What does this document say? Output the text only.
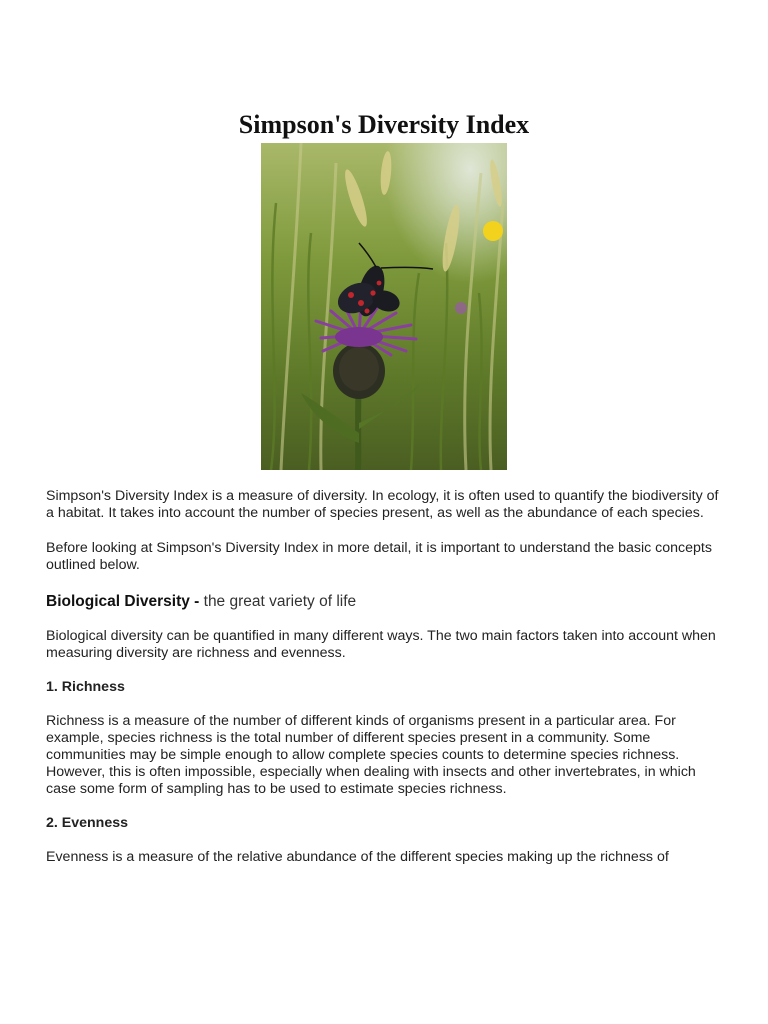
Simpson's Diversity Index

Simpson's Diversity Index is a measure of diversity. In ecology, it is often used to quantify the biodiversity of a habitat. It takes into account the number of species present, as well as the abundance of each species.

Before looking at Simpson's Diversity Index in more detail, it is important to understand the basic concepts outlined below.

Biological Diversity - the great variety of life

Biological diversity can be quantified in many different ways. The two main factors taken into account when measuring diversity are richness and evenness.

1. Richness

Richness is a measure of the number of different kinds of organisms present in a particular area. For example, species richness is the total number of different species present in a community. Some communities may be simple enough to allow complete species counts to determine species richness. However, this is often impossible, especially when dealing with insects and other invertebrates, in which case some form of sampling has to be used to estimate species richness.

2. Evenness

Evenness is a measure of the relative abundance of the different species making up the richness of
